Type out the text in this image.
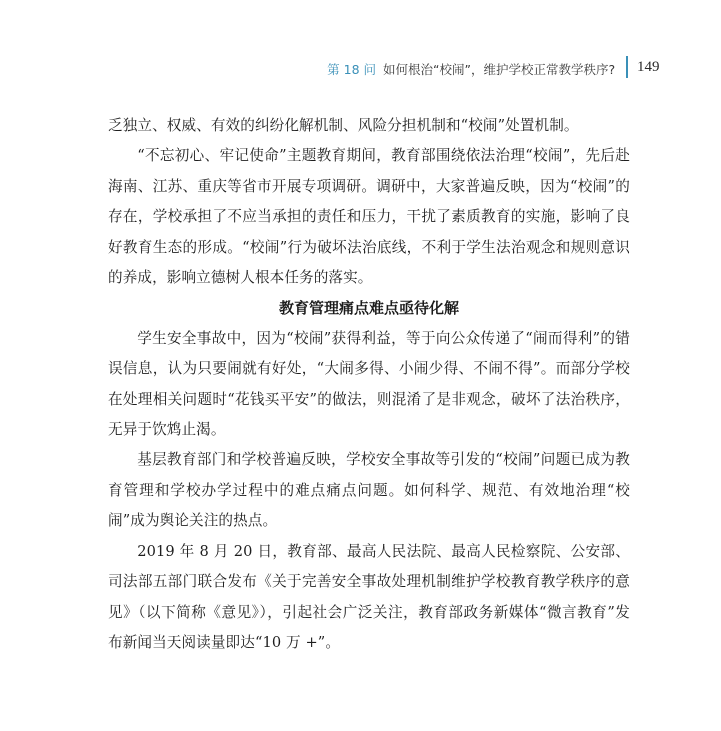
第 18 问 如何根治“校闹”，维护学校正常教学秩序? 149

乏独立、权威、有效的纠纷化解机制、风险分担机制和“校闹”处置机制。

“不忘初心、牢记使命”主题教育期间，教育部围绕依法治理“校闹”，先后赴海南、江苏、重庆等省市开展专项调研。调研中，大家普遍反映，因为“校闹”的存在，学校承担了不应当承担的责任和压力，干扰了素质教育的实施，影响了良好教育生态的形成。“校闹”行为破坏法治底线，不利于学生法治观念和规则意识的养成，影响立德树人根本任务的落实。

教育管理痛点难点亟待化解

学生安全事故中，因为“校闹”获得利益，等于向公众传递了“闹而得利”的错误信息，认为只要闹就有好处，“大闹多得、小闹少得、不闹不得”。而部分学校在处理相关问题时“花钱买平安”的做法，则混淆了是非观念，破坏了法治秩序，无异于饮鸩止渴。

基层教育部门和学校普遍反映，学校安全事故等引发的“校闹”问题已成为教育管理和学校办学过程中的难点痛点问题。如何科学、规范、有效地治理“校闹”成为舆论关注的热点。

2019 年 8 月 20 日，教育部、最高人民法院、最高人民检察院、公安部、司法部五部门联合发布《关于完善安全事故处理机制维护学校教育教学秩序的意见》（以下简称《意见》），引起社会广泛关注，教育部政务新媒体“微言教育”发布新闻当天阅读量即达“10 万 +”。
